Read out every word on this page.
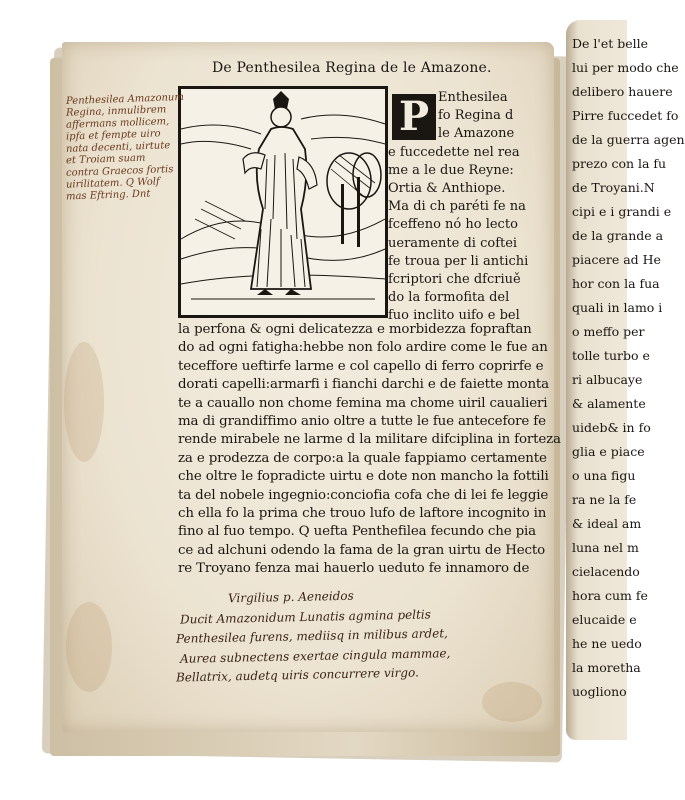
De l'et belle
lui per modo che
delibero hauere
Pirre fuccedet fo
de la guerra agen
prezo con la fu
de Troyani.N
cipi e i grandi e
de la grande a
piacere ad He
hor con la fua
quali in lamo i
o meffo per
tolle turbo e
ri albucaye
& alamente
uideb& in fo
glia e piace
o una figu
ra ne la fe
& ideal am
luna nel m
cielacendo
hora cum fe
elucaide e
he ne uedo
la moretha
uogliono
De Penthesilea Regina de le Amazone.
P Enthesilea
fo Regina d
le Amazone
e fuccedette nel rea
me a le due Reyne:
Ortia & Anthiope.
Ma di ch paréti fe na
fceffeno nó ho lecto
ueramente di coftei
fe troua per li antichi
fcriptori che dfcriuě
do la formofita del
fuo inclito uifo e bel
la perfona & ogni delicatezza e morbidezza fopraftan
do ad ogni fatigha:hebbe non folo ardire come le fue an
teceffore ueftirfe larme e col capello di ferro coprirfe e
dorati capelli:armarfi i fianchi darchi e de faiette monta
te a cauallo non chome femina ma chome uiril caualieri
ma di grandiffimo anio oltre a tutte le fue antecefore fe
rende mirabele ne larme d la militare difciplina in forteza
za e prodezza de corpo:a la quale fappiamo certamente
che oltre le fopradicte uirtu e dote non mancho la fottili
ta del nobele ingegnio:conciofia cofa che di lei fe leggie
ch ella fo la prima che trouo lufo de laftore incognito in
fino al fuo tempo. Q uefta Penthefilea fecundo che pia
ce ad alchuni odendo la fama de la gran uirtu de Hecto
re Troyano fenza mai hauerlo ueduto fe innamoro de
Penthesilea Amazonum
Regina, inmulibrem
affermans mollicem,
ipfa et fempte uiro
nata decenti, uirtute
et Troiam suam
contra Graecos fortis
uirilitatem. Q Wolf
mas Eftring. Dnt
Virgilius p. Aeneidos
Ducit Amazonidum Lunatis agmina peltis
Penthesilea furens, mediisq in milibus ardet,
Aurea subnectens exertae cingula mammae,
Bellatrix, audetq uiris concurrere virgo.
